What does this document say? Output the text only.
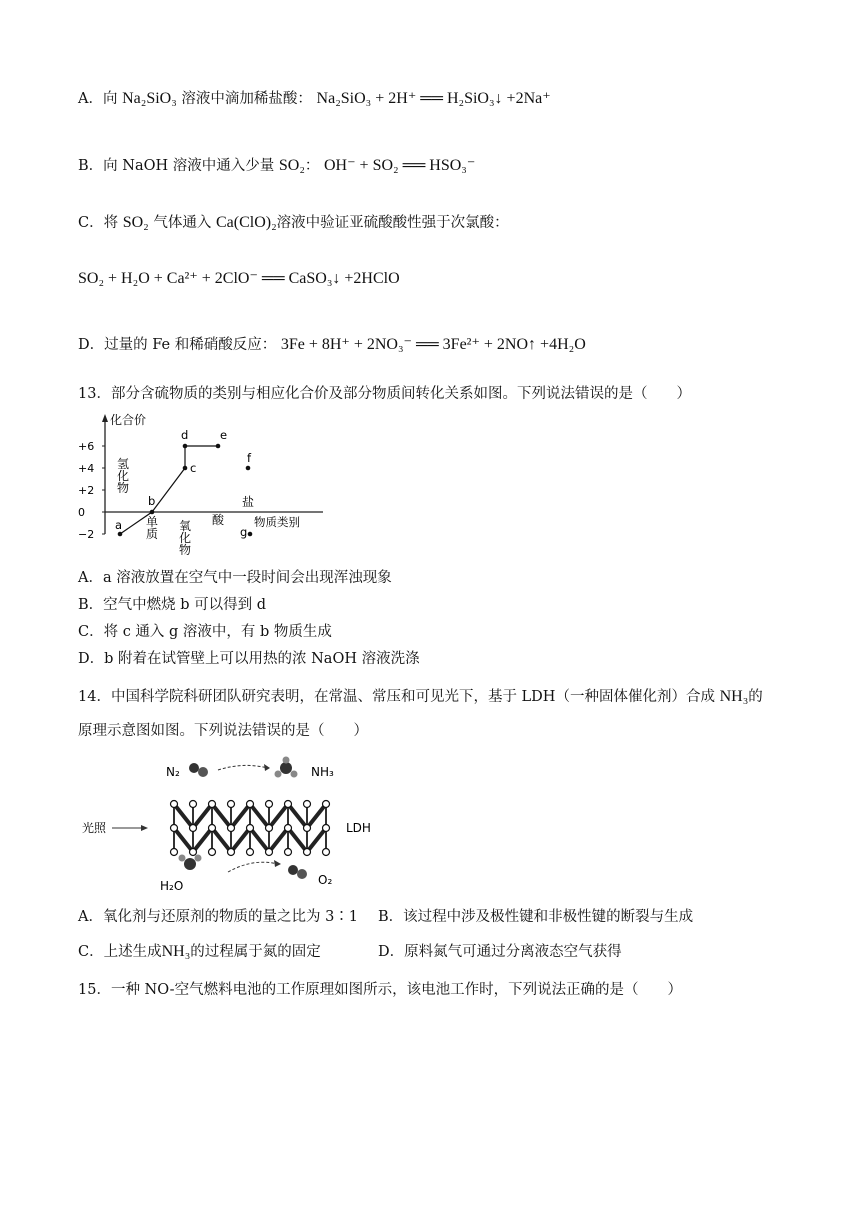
A．向 Na₂SiO₃ 溶液中滴加稀盐酸： Na₂SiO₃ + 2H⁺ ══ H₂SiO₃↓ +2Na⁺
B．向 NaOH 溶液中通入少量 SO₂： OH⁻ + SO₂ ══ HSO₃⁻
C．将 SO₂ 气体通入 Ca(ClO)₂溶液中验证亚硫酸酸性强于次氯酸：
SO₂ + H₂O + Ca²⁺ + 2ClO⁻ ══ CaSO₃↓ +2HClO
D．过量的 Fe 和稀硝酸反应： 3Fe + 8H⁺ + 2NO₃⁻ ══ 3Fe²⁺ + 2NO↑ +4H₂O
13．部分含硫物质的类别与相应化合价及部分物质间转化关系如图。下列说法错误的是（　　）
化合价
物质类别
+6
+4
+2
0
−2
氢
化
物
单
质
氧
化
物
酸
盐
a
b
c
d	e
f
g
A．a 溶液放置在空气中一段时间会出现浑浊现象
B．空气中燃烧 b 可以得到 d
C．将 c 通入 g 溶液中，有 b 物质生成
D．b 附着在试管壁上可以用热的浓 NaOH 溶液洗涤
14．中国科学院科研团队研究表明，在常温、常压和可见光下，基于 LDH（一种固体催化剂）合成 NH₃的
原理示意图如图。下列说法错误的是（　　）
N₂	NH₃
光照	LDH
H₂O	O₂
A．氧化剂与还原剂的物质的量之比为 3∶1 B．该过程中涉及极性键和非极性键的断裂与生成
C．上述生成NH₃的过程属于氮的固定	D．原料氮气可通过分离液态空气获得
15．一种 NO-空气燃料电池的工作原理如图所示，该电池工作时，下列说法正确的是（　　）
